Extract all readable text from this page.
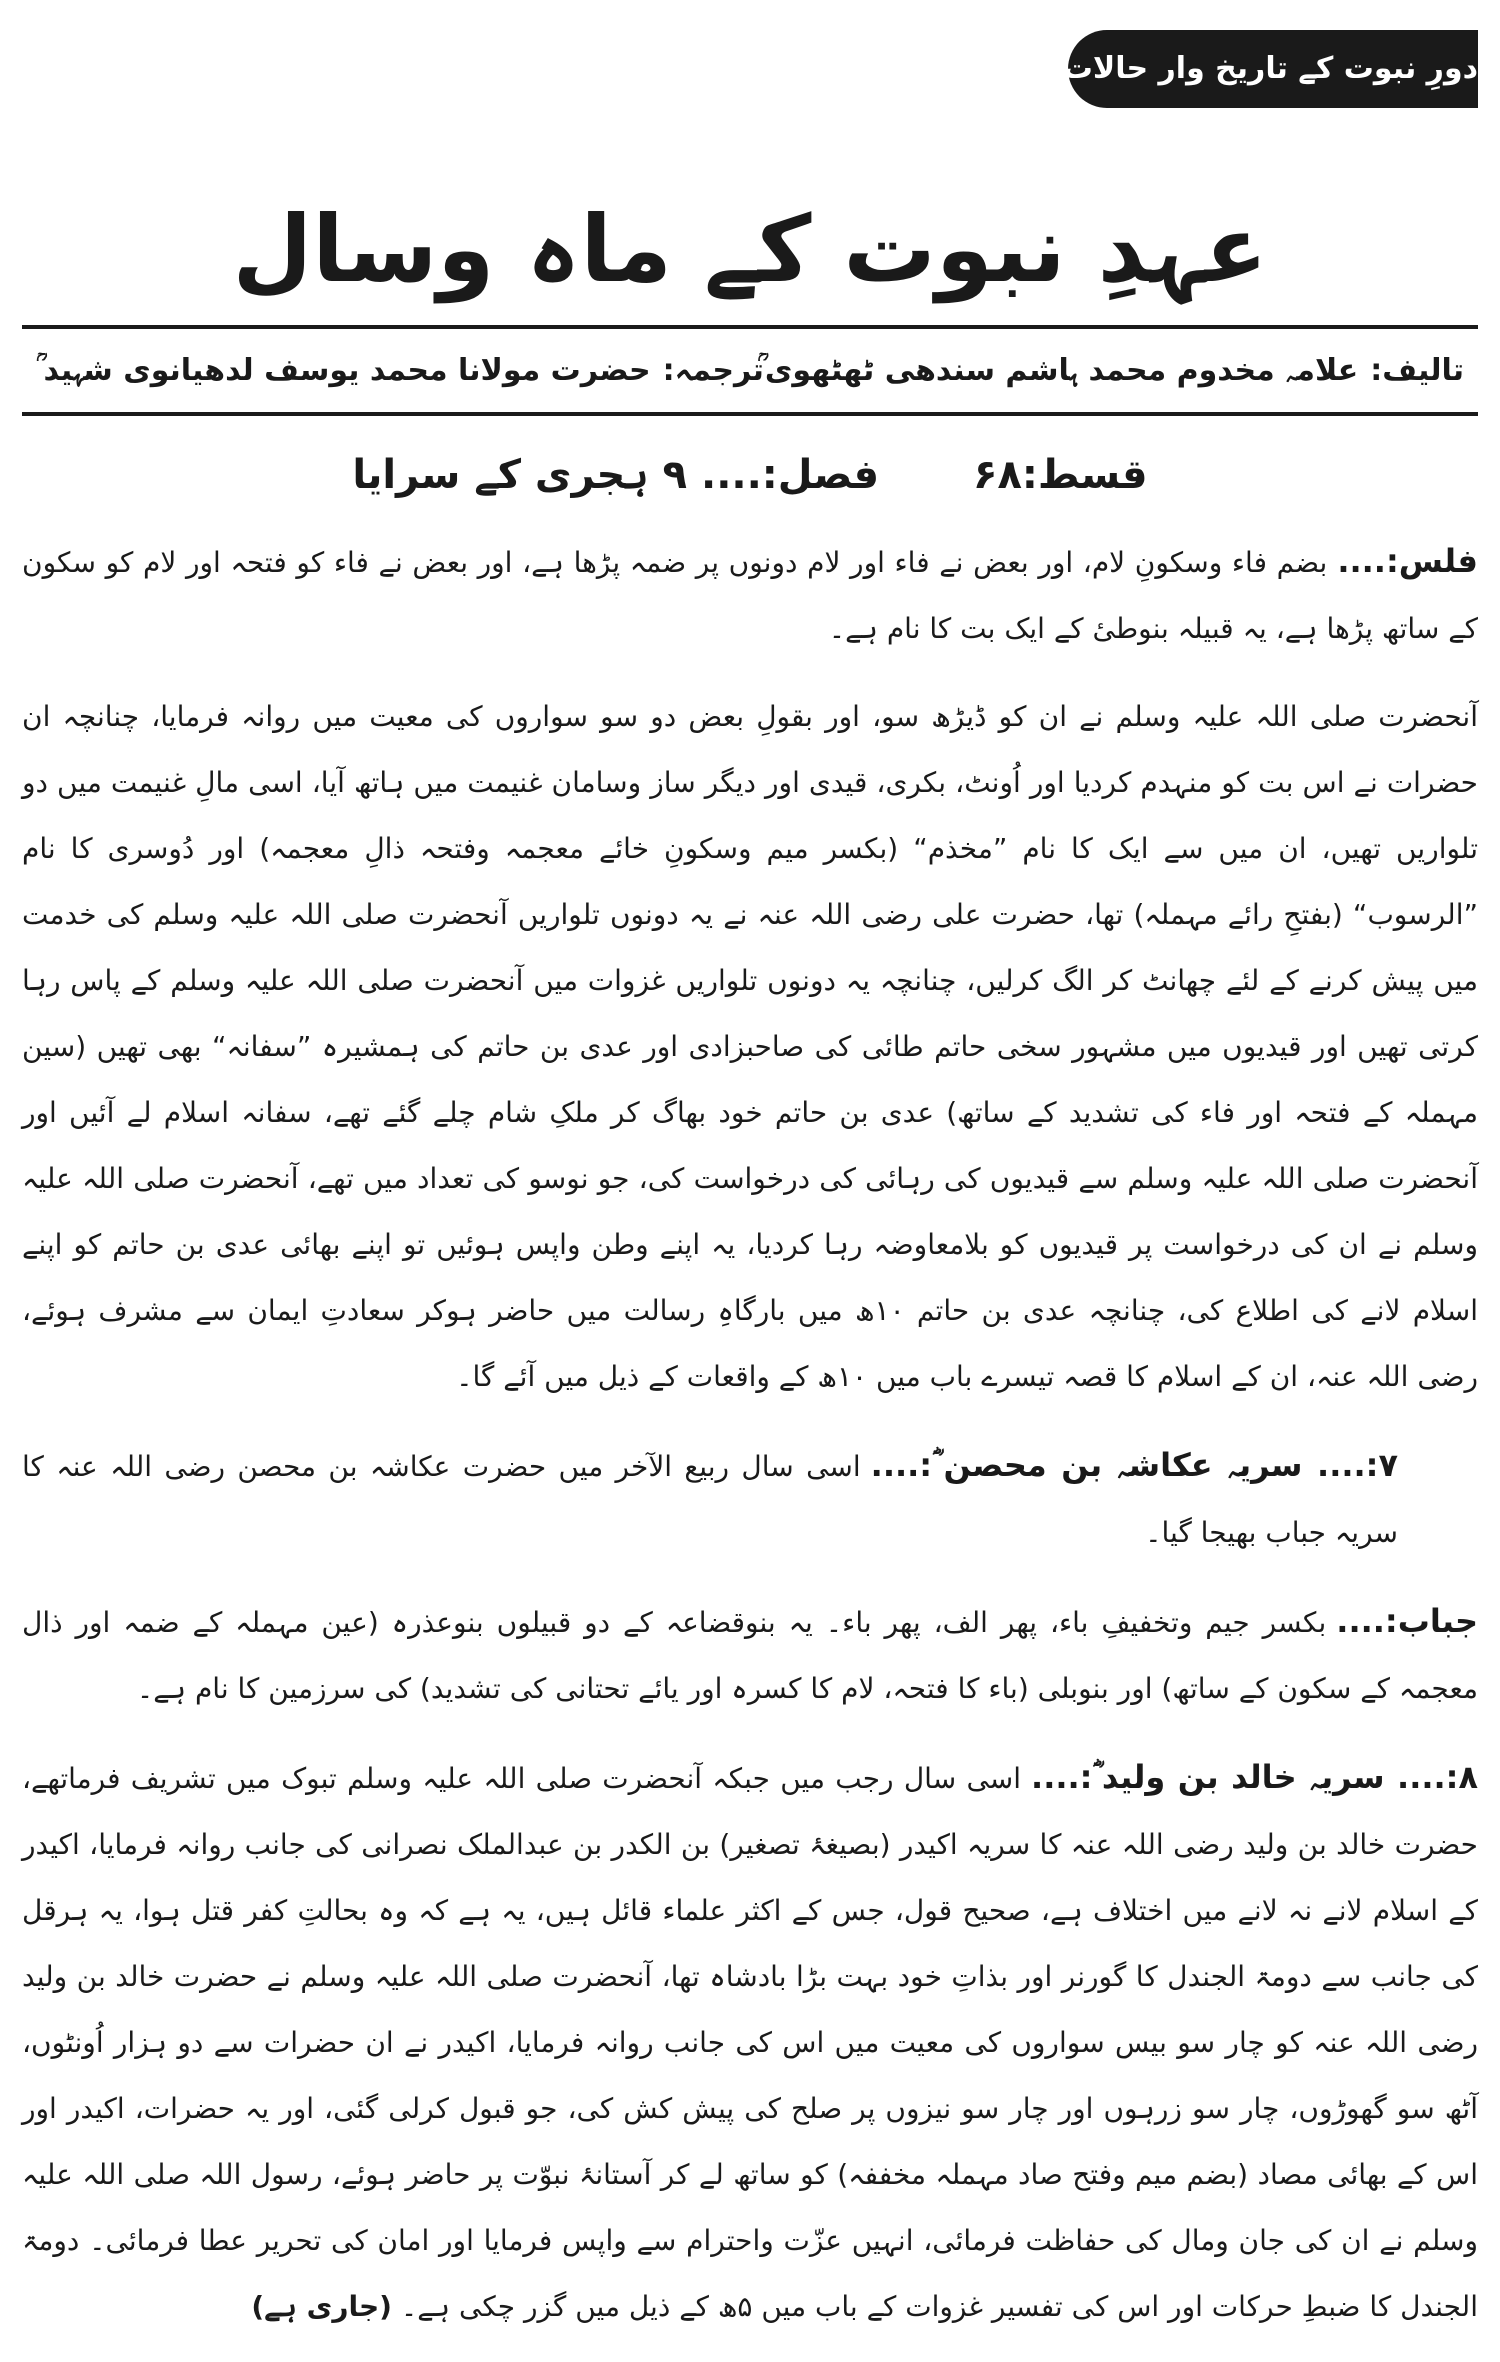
دورِ نبوت کے تاریخ وار حالات وواقعات
عہدِ نبوت کے ماہ وسال
تالیف:علامہ مخدوم محمد ہاشم سندھی ٹھٹھوی ؒ
ترجمہ:حضرت مولانا محمد یوسف لدھیانوی شہید ؒ
قسط:۶۸ فصل:.... ۹ ہجری کے سرایا

فلس:....بضم فاء وسکونِ لام، اور بعض نے فاء اور لام دونوں پر ضمہ پڑھا ہے، اور بعض نے فاء کو فتحہ اور لام کو سکون کے ساتھ پڑھا ہے، یہ قبیلہ بنوطیٔ کے ایک بت کا نام ہے۔

آنحضرت صلی اللہ علیہ وسلم نے ان کو ڈیڑھ سو، اور بقولِ بعض دو سو سواروں کی معیت میں روانہ فرمایا، چنانچہ ان حضرات نے اس بت کو منہدم کردیا اور اُونٹ، بکری، قیدی اور دیگر ساز وسامان غنیمت میں ہاتھ آیا، اسی مالِ غنیمت میں دو تلواریں تھیں، ان میں سے ایک کا نام ”مخذم“ (بکسر میم وسکونِ خائے معجمہ وفتحہ ذالِ معجمہ) اور دُوسری کا نام ”الرسوب“ (بفتحِ رائے مہملہ) تھا، حضرت علی رضی اللہ عنہ نے یہ دونوں تلواریں آنحضرت صلی اللہ علیہ وسلم کی خدمت میں پیش کرنے کے لئے چھانٹ کر الگ کرلیں، چنانچہ یہ دونوں تلواریں غزوات میں آنحضرت صلی اللہ علیہ وسلم کے پاس رہا کرتی تھیں اور قیدیوں میں مشہور سخی حاتم طائی کی صاحبزادی اور عدی بن حاتم کی ہمشیرہ ”سفانہ“ بھی تھیں (سین مہملہ کے فتحہ اور فاء کی تشدید کے ساتھ) عدی بن حاتم خود بھاگ کر ملکِ شام چلے گئے تھے، سفانہ اسلام لے آئیں اور آنحضرت صلی اللہ علیہ وسلم سے قیدیوں کی رہائی کی درخواست کی، جو نوسو کی تعداد میں تھے، آنحضرت صلی اللہ علیہ وسلم نے ان کی درخواست پر قیدیوں کو بلامعاوضہ رہا کردیا، یہ اپنے وطن واپس ہوئیں تو اپنے بھائی عدی بن حاتم کو اپنے اسلام لانے کی اطلاع کی، چنانچہ عدی بن حاتم ۱۰ھ میں بارگاہِ رسالت میں حاضر ہوکر سعادتِ ایمان سے مشرف ہوئے، رضی اللہ عنہ، ان کے اسلام کا قصہ تیسرے باب میں ۱۰ھ کے واقعات کے ذیل میں آئے گا۔

۷:.... سریہ عکاشہ بن محصن ؓ:....اسی سال ربیع الآخر میں حضرت عکاشہ بن محصن رضی اللہ عنہ کا سریہ جباب بھیجا گیا۔

جباب:....بکسر جیم وتخفیفِ باء، پھر الف، پھر باء۔ یہ بنوقضاعہ کے دو قبیلوں بنوعذرہ (عین مہملہ کے ضمہ اور ذال معجمہ کے سکون کے ساتھ) اور بنوبلی (باء کا فتحہ، لام کا کسرہ اور یائے تحتانی کی تشدید) کی سرزمین کا نام ہے۔

۸:.... سریہ خالد بن ولید ؓ:....اسی سال رجب میں جبکہ آنحضرت صلی اللہ علیہ وسلم تبوک میں تشریف فرماتھے، حضرت خالد بن ولید رضی اللہ عنہ کا سریہ اکیدر (بصیغۂ تصغیر) بن الکدر بن عبدالملک نصرانی کی جانب روانہ فرمایا، اکیدر کے اسلام لانے نہ لانے میں اختلاف ہے، صحیح قول، جس کے اکثر علماء قائل ہیں، یہ ہے کہ وہ بحالتِ کفر قتل ہوا، یہ ہرقل کی جانب سے دومۃ الجندل کا گورنر اور بذاتِ خود بہت بڑا بادشاہ تھا، آنحضرت صلی اللہ علیہ وسلم نے حضرت خالد بن ولید رضی اللہ عنہ کو چار سو بیس سواروں کی معیت میں اس کی جانب روانہ فرمایا، اکیدر نے ان حضرات سے دو ہزار اُونٹوں، آٹھ سو گھوڑوں، چار سو زرہوں اور چار سو نیزوں پر صلح کی پیش کش کی، جو قبول کرلی گئی، اور یہ حضرات، اکیدر اور اس کے بھائی مصاد (بضم میم وفتح صاد مہملہ مخففہ) کو ساتھ لے کر آستانۂ نبوّت پر حاضر ہوئے، رسول اللہ صلی اللہ علیہ وسلم نے ان کی جان ومال کی حفاظت فرمائی، انہیں عزّت واحترام سے واپس فرمایا اور امان کی تحریر عطا فرمائی۔ دومۃ الجندل کا ضبطِ حرکات اور اس کی تفسیر غزوات کے باب میں ۵ھ کے ذیل میں گزر چکی ہے۔ (جاری ہے)
